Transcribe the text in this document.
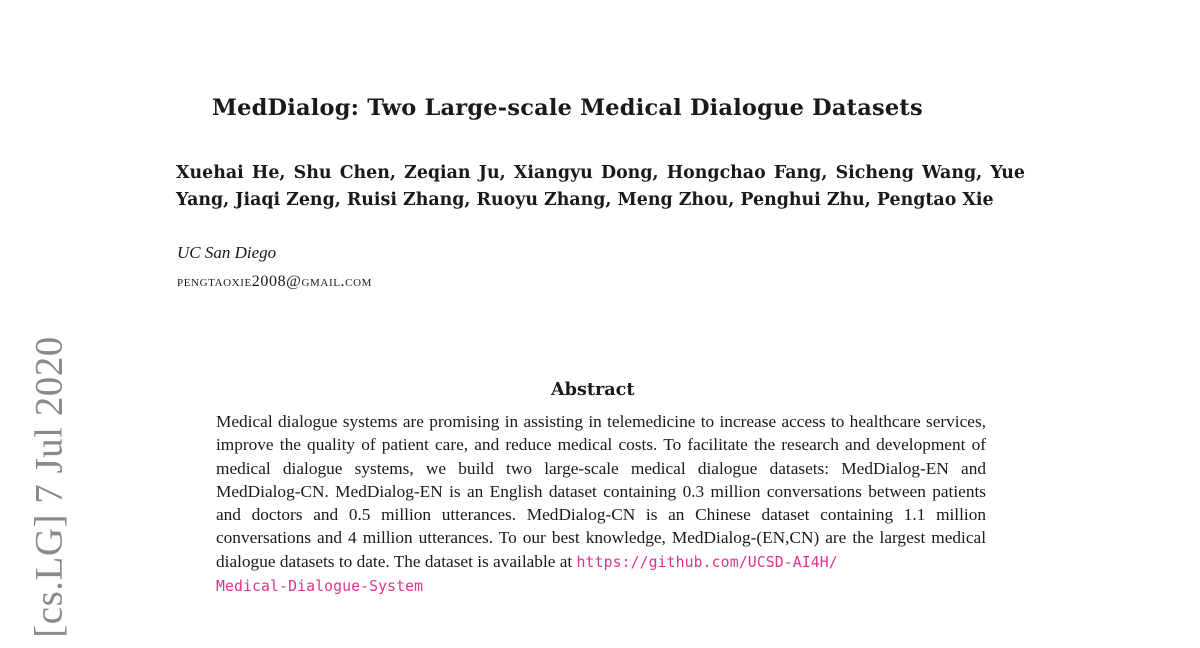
[cs.LG] 7 Jul 2020
MedDialog: Two Large-scale Medical Dialogue Datasets
Xuehai He, Shu Chen, Zeqian Ju, Xiangyu Dong, Hongchao Fang, Sicheng Wang, Yue Yang, Jiaqi Zeng, Ruisi Zhang, Ruoyu Zhang, Meng Zhou, Penghui Zhu, Pengtao Xie
UC San Diego
pengtaoxie2008@gmail.com
Abstract
Medical dialogue systems are promising in assisting in telemedicine to increase access to healthcare services, improve the quality of patient care, and reduce medical costs. To facilitate the research and development of medical dialogue systems, we build two large-scale medical dialogue datasets: MedDialog-EN and MedDialog-CN. MedDialog-EN is an English dataset containing 0.3 million conversations between patients and doctors and 0.5 million utterances. MedDialog-CN is an Chinese dataset containing 1.1 million conversations and 4 million utterances. To our best knowledge, MedDialog-(EN,CN) are the largest medical dialogue datasets to date. The dataset is available at https://github.com/UCSD-AI4H/
Medical-Dialogue-System
